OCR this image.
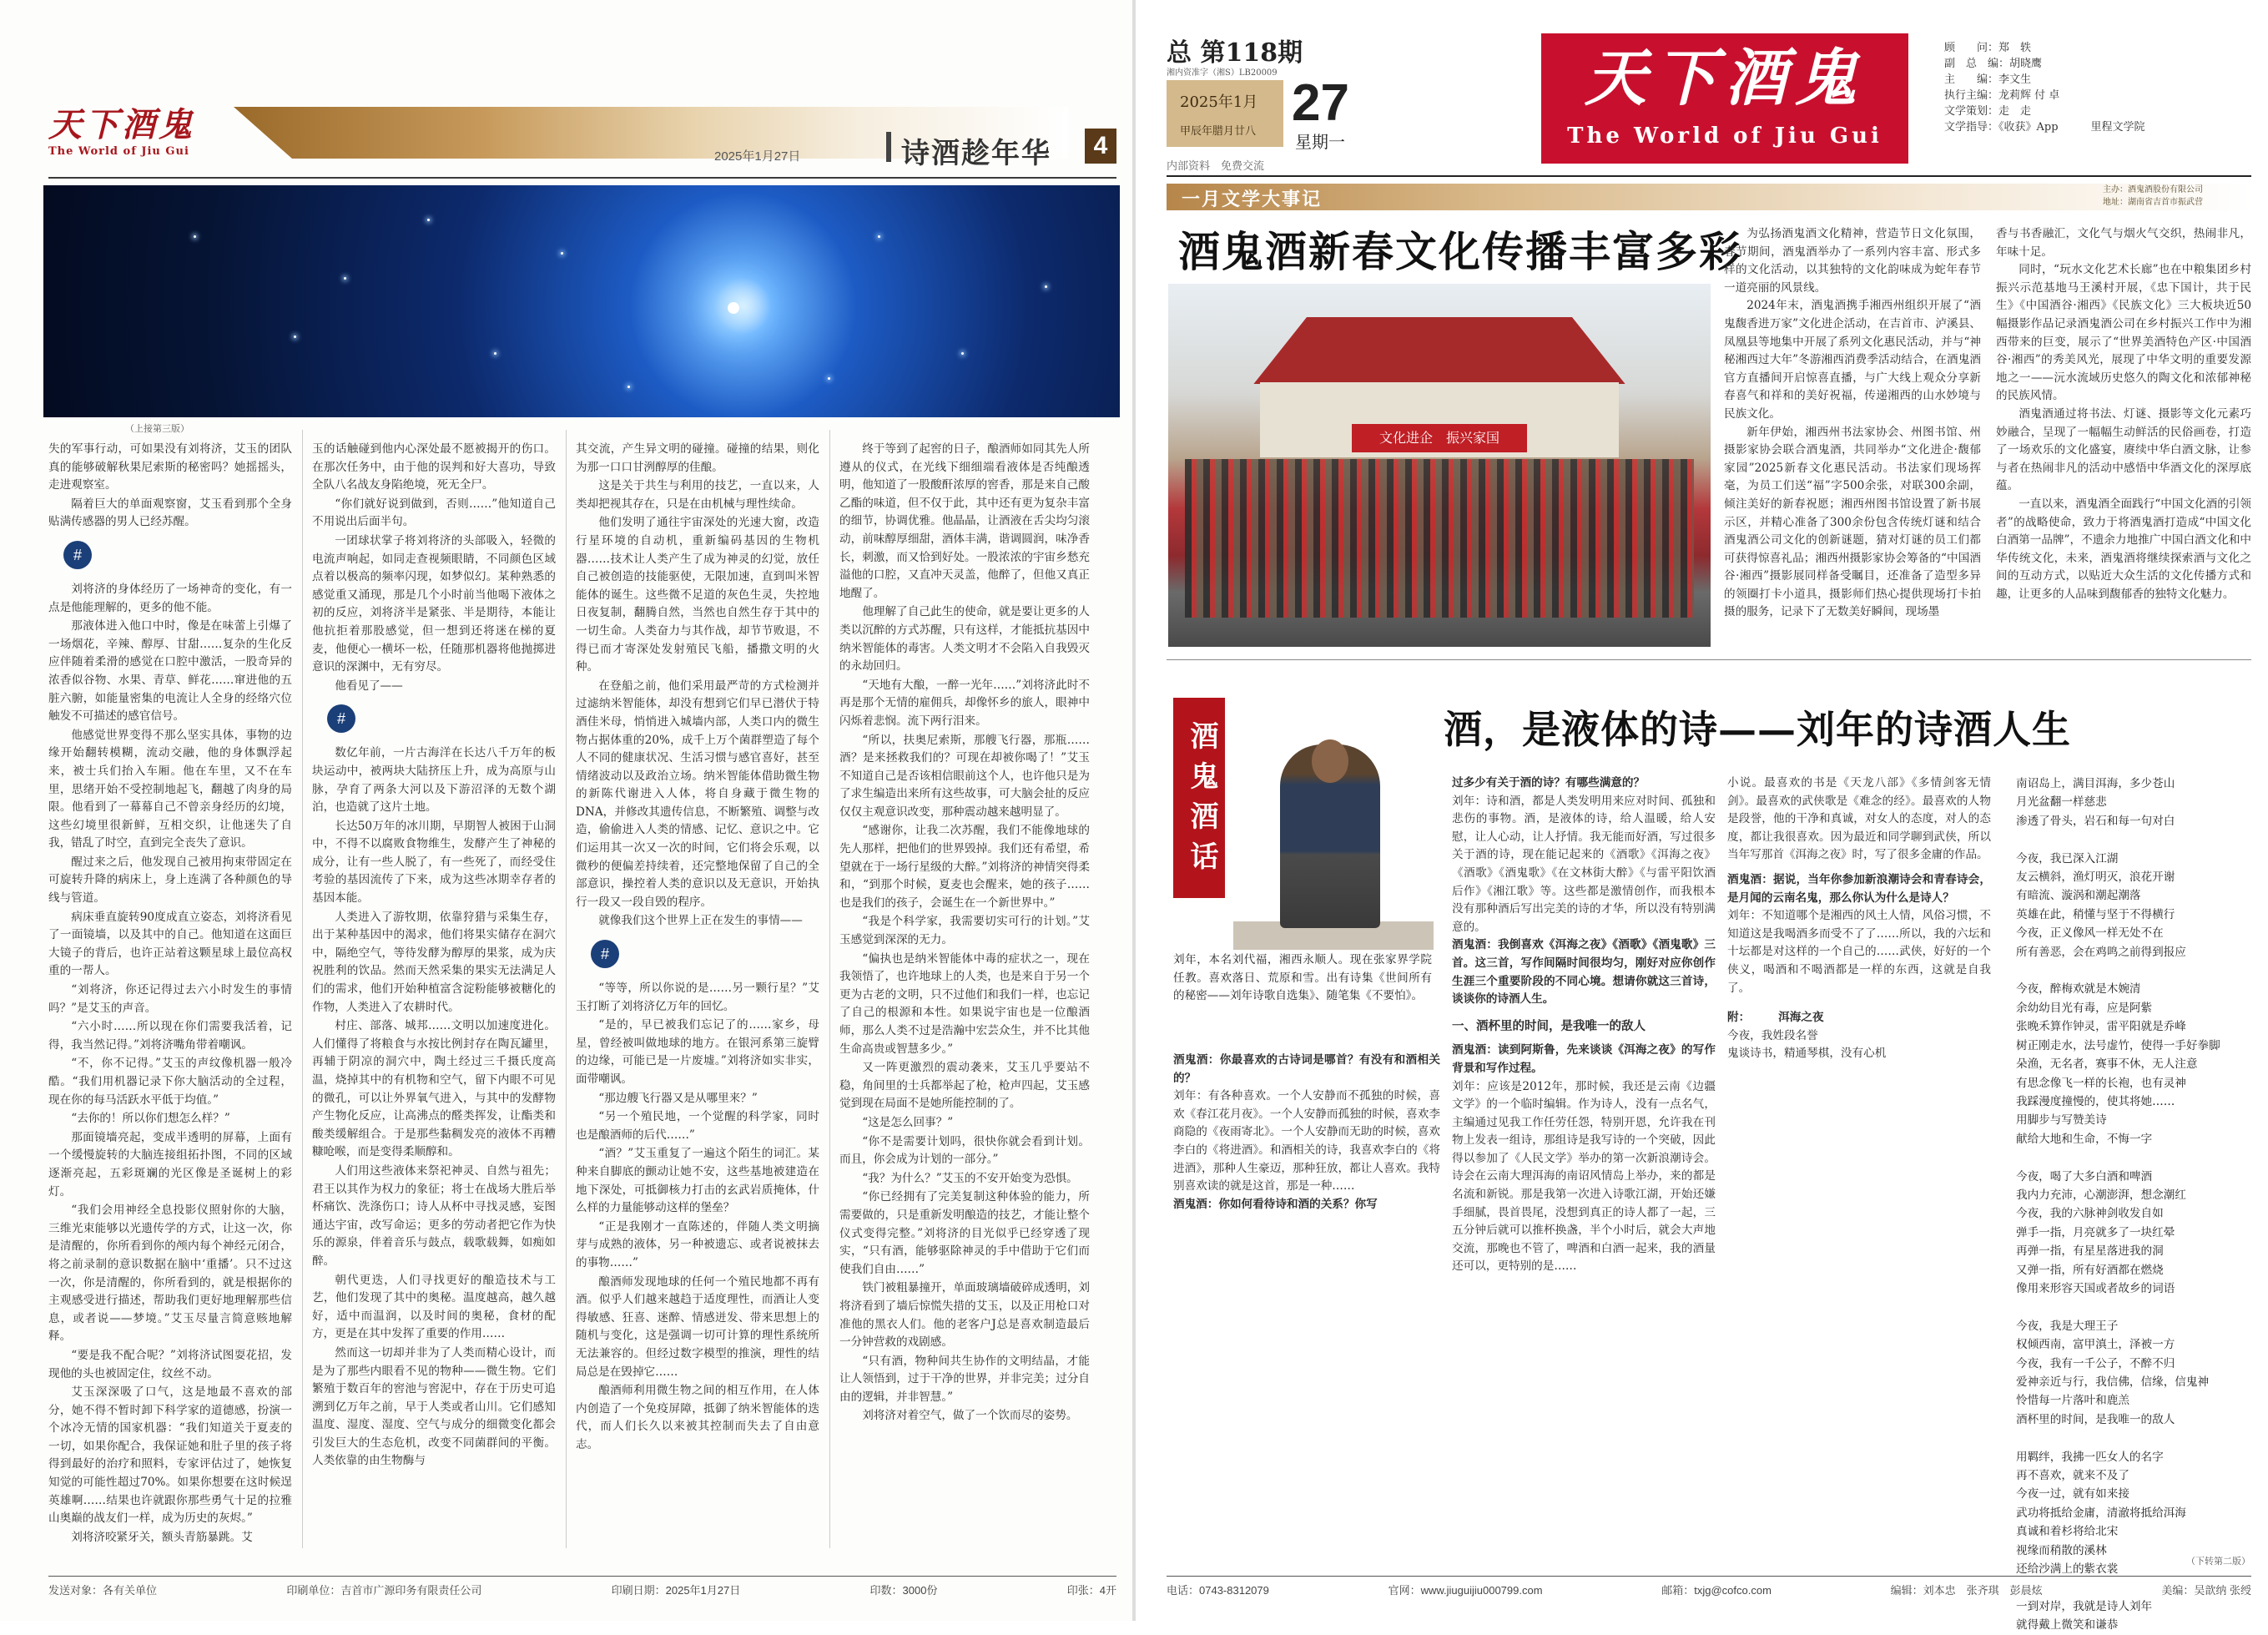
天下酒鬼
The World of Jiu Gui	2025年1月27日	诗酒趁年华	4
（上接第三版）

失的军事行动，可如果没有刘将济，艾玉的团队真的能够破解秋果尼索斯的秘密吗？她摇摇头，走进观察室。

隔着巨大的单面观察窗，艾玉看到那个全身贴满传感器的男人已经苏醒。

#

刘将济的身体经历了一场神奇的变化，有一点是他能理解的，更多的他不能。

那液体进入他口中时，像是在味蕾上引爆了一场烟花，辛辣、醇厚、甘甜……复杂的生化反应伴随着柔滑的感觉在口腔中激活，一股奇异的浓香似谷物、水果、青草、鲜花……窜进他的五脏六腑，如能量密集的电流让人全身的经络穴位触发不可描述的感官信号。

他感觉世界变得不那么坚实具体，事物的边缘开始翻转模糊，流动交融，他的身体飘浮起来，被士兵们抬入车厢。他在车里，又不在车里，思绪开始不受控制地起飞，翻越了肉身的局限。他看到了一幕幕自己不曾亲身经历的幻境，这些幻境里很新鲜，互相交织，让他迷失了自我，错乱了时空，直到完全丧失了意识。

醒过来之后，他发现自己被用拘束带固定在可旋转升降的病床上，身上连满了各种颜色的导线与管道。

病床垂直旋转90度成直立姿态，刘将济看见了一面镜墙，以及其中的自己。他知道在这面巨大镜子的背后，也许正站着这颗星球上最位高权重的一帮人。

“刘将济，你还记得过去六小时发生的事情吗？”是艾玉的声音。

“六小时……所以现在你们需要我活着，记得，我当然记得。”刘将济嘴角带着嘲讽。

“不，你不记得。”艾玉的声纹像机器一般冷酷。“我们用机器记录下你大脑活动的全过程，现在你的每马活跃水平低于均值。”

“去你的！所以你们想怎么样？”

那面镜墙亮起，变成半透明的屏幕，上面有一个缓慢旋转的大脑连接组拓扑图，不同的区域逐渐亮起，五彩斑斓的光区像是圣诞树上的彩灯。

“我们会用神经全息投影仪照射你的大脑，三维光束能够以光遗传学的方式，让这一次，你是清醒的，你所看到你的颅内每个神经元闭合，将之前录制的意识数据在脑中‘重播’。只不过这一次，你是清醒的，你所看到的，就是根据你的主观感受进行描述，帮助我们更好地理解那些信息，或者说——梦境。”艾玉尽量言简意赅地解释。

“要是我不配合呢？”刘将济试图耍花招，发现他的头也被固定住，纹丝不动。

艾玉深深吸了口气，这是地最不喜欢的部分，她不得不暂时卸下科学家的道德感，扮演一个冰冷无情的国家机器：“我们知道关于夏麦的一切，如果你配合，我保证她和肚子里的孩子将得到最好的治疗和照料，专家评估过了，她恢复知觉的可能性超过70%。如果你想要在这时候逞英雄啊……结果也许就跟你那些勇气十足的拉雅山奥巅的战友们一样，成为历史的灰烬。”

刘将济咬紧牙关，额头青筋暴跳。艾

玉的话触碰到他内心深处最不愿被揭开的伤口。在那次任务中，由于他的误判和好大喜功，导致全队八名战友身陷绝境，死无全尸。

“你们就好说到做到，否则……”他知道自己不用说出后面半句。

一团球状掌子将刘将济的头部吸入，轻微的电流声响起，如同走查视频眼睛，不同颜色区域点着以极高的频率闪现，如梦似幻。某种熟悉的感觉重又涌现，那是几个小时前当他喝下液体之初的反应，刘将济半是紧张、半是期待，本能让他抗拒着那股感觉，但一想到还将迷在梯的夏麦，他便心一横坏一松，任随那机器将他抛掷进意识的深渊中，无有穷尽。

他看见了——

#

数亿年前，一片古海洋在长达八千万年的板块运动中，被两块大陆挤压上升，成为高原与山脉，孕育了两条大河以及下游沼泽的无数个湖泊，也造就了这片土地。

长达50万年的冰川期，早期智人被困于山洞中，不得不以腐败食物维生，发酵产生了神秘的成分，让有一些人脱了，有一些死了，而经受住考验的基因流传了下来，成为这些冰期幸存者的基因本能。

人类进入了游牧期，依靠狩猎与采集生存，出于某种基因中的渴求，他们将果实储存在洞穴中，隔绝空气，等待发酵为醇厚的果浆，成为庆祝胜利的饮品。然而天然采集的果实无法满足人们的需求，他们开始种植富含淀粉能够被糖化的作物，人类进入了农耕时代。

村庄、部落、城邦……文明以加速度进化。人们懂得了将粮食与水按比例封存在陶瓦罐里，再辅于阴凉的洞穴中，陶土经过三千摄氏度高温，烧掉其中的有机物和空气，留下内眼不可见的微孔，可以让外界氧气进入，与其中的发酵物产生物化反应，让高沸点的醛类挥发，让酯类和酸类缓解组合。于是那些黏稠发亮的液体不再糟糠呛喉，而是变得柔顺醇和。

人们用这些液体来祭祀神灵、自然与祖先；君王以其作为权力的象征；将士在战场大胜后举杯痛饮、洗涤伤口；诗人从杯中寻找灵感，妄图通达宇宙，改写命运；更多的劳动者把它作为快乐的源泉，伴着音乐与鼓点，载歌载舞，如痴如醉。

朝代更迭，人们寻找更好的酿造技术与工艺，他们发现了其中的奥秘。温度越高，越久越好，适中而温润，以及时间的奥秘，食材的配方，更是在其中发挥了重要的作用……

然而这一切却并非为了人类而精心设计，而是为了那些内眼看不见的物种——微生物。它们繁殖于数百年的窖池与窖泥中，存在于历史可追溯到亿万年之前，早于人类或者山川。它们感知温度、湿度、湿度、空气与成分的细微变化都会引发巨大的生态危机，改变不同菌群间的平衡。人类依靠的由生物酶与

其交流，产生异文明的碰撞。碰撞的结果，则化为那一口口甘洌醇厚的佳酿。

这是关于共生与利用的技艺，一直以来，人类却把视其存在，只是在由机械与理性续命。

他们发明了通往宇宙深处的光速大窗，改造行星环境的自动机，重新编码基因的生物机器……技术让人类产生了成为神灵的幻觉，放任自己被创造的技能驱使，无限加速，直到叫米智能体的诞生。这些微不足道的灰色生灵，失控地日夜复制，翻腾自然，当然也自然生存于其中的一切生命。人类奋力与其作战，却节节败退，不得已而才寄深处发射殖民飞船，播撒文明的火种。

在登船之前，他们采用最严苛的方式检测并过滤纳米智能体，却没有想到它们早已潜伏于特酒佳米母，悄悄进入城墙内部，人类口内的微生物占据体重的20%，成千上万个菌群塑造了每个人不同的健康状况、生活习惯与感官喜好，甚至情绪波动以及政治立场。纳米智能体借助微生物的新陈代谢进入人体，将自身藏于微生物的DNA，并修改其遗传信息，不断繁殖、调整与改造，偷偷进入人类的情感、记忆、意识之中。它们运用其一次又一次的时间，它们将会乐观，以微秒的便偏差持续着，还完整地保留了自己的全部意识，操控着人类的意识以及无意识，开始执行一段又一段自毁的程序。

就像我们这个世界上正在发生的事情——

#

“等等，所以你说的是……另一颗行星？”艾玉打断了刘将济亿万年的回忆。

“是的，早已被我们忘记了的……家乡，母星，曾经被叫做地球的地方。在银河系第三旋臂的边缘，可能已是一片废墟。”刘将济如实非实，面带嘲讽。

“那边艘飞行器又是从哪里来？”

“另一个殖民地，一个觉醒的科学家，同时也是酿酒师的后代……”

“酒？”艾玉重复了一遍这个陌生的词汇。某种来自脚底的颤动让她不安，这些基地被建造在地下深处，可抵御核力打击的玄武岩质掩体，什么样的力量能够动这样的堡垒？

“正是我刚才一直陈述的，伴随人类文明摘芽与成熟的液体，另一种被遗忘、或者说被抹去的事物……”

酿酒师发现地球的任何一个殖民地都不再有酒。似乎人们越来越趋于适度理性，而酒让人变得敏感、狂喜、迷醉、情感迸发、带来思想上的随机与变化，这是强调一切可计算的理性系统所无法兼容的。但经过数字模型的推演，理性的结局总是在毁掉它……

酿酒师利用微生物之间的相互作用，在人体内创造了一个免疫屏障，抵御了纳米智能体的迭代，而人们长久以来被其控制而失去了自由意志。

终于等到了起窖的日子，酿酒师如同其先人所遵从的仪式，在光线下细细端看液体是否纯酿透明，他知道了一股酸酐浓厚的窖香，那是来自己酸乙酯的味道，但不仅于此，其中还有更为复杂丰富的细节，协调优雅。他晶晶，让酒液在舌尖均匀滚动，前味醇厚细甜，酒体丰满，谐调圆润，味净香长，刺激，而又恰到好处。一股浓浓的宇宙乡愁充溢他的口腔，又直冲天灵盖，他醉了，但他又真正地醒了。

他理解了自己此生的使命，就是要让更多的人类以沉醉的方式苏醒，只有这样，才能抵抗基因中纳米智能体的毒害。人类文明才不会陷入自我毁灭的永劫回归。

“天地有大酿，一醉一光年……”刘将济此时不再是那个无情的雇佣兵，却像怀乡的旅人，眼神中闪烁着悲悯。流下两行泪来。

“所以，扶奥尼索斯，那艘飞行器，那瓶……酒？是来拯救我们的？可现在却被你喝了！”艾玉不知道自己是否该相信眼前这个人，也许他只是为了求生编造出来所有这些故事，可大脑会扯的反应仅仅主观意识改变，那种震动越来越明显了。

“感谢你，让我二次苏醒，我们不能像地球的先人那样，把他们的世界毁掉。我们还有希望，希望就在于一场行星级的大醉。”刘将济的神情突得柔和，“到那个时候，夏麦也会醒来，她的孩子……也是我们的孩子，会诞生在一个新世界中。”

“我是个科学家，我需要切实可行的计划。”艾玉感觉到深深的无力。

“偏执也是纳米智能体中毒的症状之一，现在我领悟了，也许地球上的人类，也是来自于另一个更为古老的文明，只不过他们和我们一样，也忘记了自己的根源和本性。如果说宇宙也是一位酿酒师，那么人类不过是浩瀚中宏芸众生，并不比其他生命高贵或智慧多少。”

又一阵更激烈的震动袭来，艾玉几乎要站不稳，角间里的士兵都举起了枪，枪声四起，艾玉感觉到现在局面不是她所能控制的了。

“这是怎么回事？”

“你不是需要计划吗，很快你就会看到计划。而且，你会成为计划的一部分。”

“我？为什么？”艾玉的不安开始变为恐惧。

“你已经拥有了完美复制这种体验的能力，所需要做的，只是重新发明酿造的技艺，才能让整个仪式变得完整。”刘将济的目光似乎已经穿透了现实，“只有酒，能够驱除神灵的手中借助于它们而使我们自由……”

铁门被粗暴撞开，单面玻璃墙破碎成透明，刘将济看到了墙后惊慌失措的艾玉，以及正用枪口对准他的黑衣人们。他的老客户J总是喜欢制造最后一分钟营救的戏剧感。

“只有酒，物种间共生协作的文明结晶，才能让人领悟到，过于干净的世界，并非完美；过分自由的逻辑，并非智慧。”

刘将济对着空气，做了一个饮而尽的姿势。

发送对象：各有关单位	印刷单位：吉首市广源印务有限责任公司	印刷日期：2025年1月27日	印数：3000份	印张：4开
总 第118期
湘内资准字（湘S）LB20009
2025年1月
甲辰年腊月廿八 27
星期一
内部资料　免费交流
天下酒鬼
The World of Jiu Gui
顾　　问：郑　轶
副　总　编：胡晓鹰
主　　编：李文生
执行主编：龙莉辉 付 卓
文学策划：走　走
文学指导：《收获》App　　　里程文学院
一月文学大事记	主办：酒鬼酒股份有限公司
地址：湖南省吉首市振武营
酒鬼酒新春文化传播丰富多彩
文化进企　振兴家国

为弘扬酒鬼酒文化精神，营造节日文化氛围，春节期间，酒鬼酒举办了一系列内容丰富、形式多样的文化活动，以其独特的文化韵味成为蛇年春节一道亮丽的风景线。

2024年末，酒鬼酒携手湘西州组织开展了“酒鬼馥香进万家”文化进企活动，在吉首市、泸溪县、凤凰县等地集中开展了系列文化惠民活动，并与“神秘湘西过大年”冬游湘西消费季活动结合，在酒鬼酒官方直播间开启惊喜直播，与广大线上观众分享新春喜气和祥和的美好祝福，传递湘西的山水妙境与民族文化。

新年伊始，湘西州书法家协会、州图书馆、州摄影家协会联合酒鬼酒，共同举办“文化进企·馥郁家园”2025新春文化惠民活动。书法家们现场挥毫，为员工们送“福”字500余张，对联300余副，倾注美好的新春祝愿；湘西州图书馆设置了新书展示区，并精心准备了300余份包含传统灯谜和结合酒鬼酒公司文化的创新谜题，猜对灯谜的员工们都可获得惊喜礼品；湘西州摄影家协会筹备的“中国酒谷·湘西”摄影展同样备受瞩目，还准备了造型多异的领圈打卡小道具，摄影师们热心提供现场打卡拍摄的服务，记录下了无数美好瞬间，现场墨

香与书香融汇，文化气与烟火气交织，热闹非凡，年味十足。

同时，“玩水文化艺术长廊”也在中粮集团乡村振兴示范基地马王溪村开展，《忠下国计，共于民生》《中国酒谷·湘西》《民族文化》三大板块近50幅摄影作品记录酒鬼酒公司在乡村振兴工作中为湘西带来的巨变，展示了“世界美酒特色产区·中国酒谷·湘西”的秀美风光，展现了中华文明的重要发源地之一——沅水流域历史悠久的陶文化和浓郁神秘的民族风情。

酒鬼酒通过将书法、灯谜、摄影等文化元素巧妙融合，呈现了一幅幅生动鲜活的民俗画卷，打造了一场欢乐的文化盛宴，赓续中华白酒文脉，让参与者在热闹非凡的活动中感悟中华酒文化的深厚底蕴。

一直以来，酒鬼酒全面践行“中国文化酒的引领者”的战略使命，致力于将酒鬼酒打造成“中国文化白酒第一品牌”，不遗余力地推广中国白酒文化和中华传统文化，未来，酒鬼酒将继续探索酒与文化之间的互动方式，以贴近大众生活的文化传播方式和趣，让更多的人品味到馥郁香的独特文化魅力。

酒鬼酒话	酒，是液体的诗——刘年的诗酒人生
刘年，本名刘代福，湘西永顺人。现在张家界学院任教。喜欢落日、荒原和雪。出有诗集《世间所有的秘密——刘年诗歌自选集》、随笔集《不要怕》。

过多少有关于酒的诗？有哪些满意的？

刘年：诗和酒，都是人类发明用来应对时间、孤独和悲伤的事物。酒，是液体的诗，给人温暖，给人安慰，让人心动，让人抒情。我无能而好酒，写过很多关于酒的诗，现在能记起来的《酒歌》《洱海之夜》《酒歌》《酒鬼歌》《在文林街大醉》《与雷平阳饮酒后作》《湘江歌》等。这些都是激情创作，而我根本没有那种酒后写出完美的诗的才华，所以没有特别满意的。

酒鬼酒：我倒喜欢《洱海之夜》《酒歌》《酒鬼歌》三首。这三首，写作间隔时间很均匀，刚好对应你创作生涯三个重要阶段的不同心境。想请你就这三首诗，谈谈你的诗酒人生。

一、酒杯里的时间，是我唯一的敌人

酒鬼酒：读到阿斯鲁，先来谈谈《洱海之夜》的写作背景和写作过程。

刘年：应该是2012年，那时候，我还是云南《边疆文学》的一个临时编辑。作为诗人，没有一点名气，主编通过见我工作任劳任怨，特别开恩，允许我在刊物上发表一组诗，那组诗是我写诗的一个突破，因此得以参加了《人民文学》举办的第一次新浪潮诗会。诗会在云南大理洱海的南诏风情岛上举办，来的都是名流和新锐。那是我第一次进入诗歌江湖，开始还嫌手细腻，畏首畏尾，没想到真正的诗人都了一起，三五分钟后就可以推杯换盏，半个小时后，就会大声地交流，那晚也不管了，啤酒和白酒一起来，我的酒量还可以，更特别的是……

酒鬼酒：你最喜欢的古诗词是哪首？有没有和酒相关的？

刘年：有各种喜欢。一个人安静而不孤独的时候，喜欢《春江花月夜》。一个人安静而孤独的时候，喜欢李商隐的《夜雨寄北》。一个人安静而无助的时候，喜欢李白的《将进酒》。和酒相关的诗，我喜欢李白的《将进酒》，那种人生豪迈，那种狂放，都让人喜欢。我特别喜欢读的就是这首，那是一种……

酒鬼酒：你如何看待诗和酒的关系？你写

小说。最喜欢的书是《天龙八部》《多情剑客无情剑》。最喜欢的武侠歌是《难念的经》。最喜欢的人物是段誉，他的干净和真诚，对女人的态度，对人的态度，都让我很喜欢。因为最近和同学聊到武侠，所以当年写那首《洱海之夜》时，写了很多金庸的作品。

酒鬼酒：据说，当年你参加新浪潮诗会和青春诗会，是月闻的云南名鬼，那么你认为什么是诗人？

刘年：不知道哪个是湘西的风土人情，风俗习惯，不知道这是我喝酒多而受不了了……所以，我的六坛和十坛都是对这样的一个自己的……武侠，好好的一个侠义，喝酒和不喝酒都是一样的东西，这就是自我了。

附：　　　洱海之夜

今夜，我姓段名誉
鬼谈诗书，精通琴棋，没有心机

南诏岛上，满目洱海，多少苍山
月光盆翻一样慈悲
渗透了骨头，岩石和每一句对白

今夜，我已深入江湖
友云横斜，渔灯明灭，浪花开谢
有暗流、漩涡和潮起潮落
英雄在此，稍懂与坚于不得横行
今夜，正义像风一样无处不在
所有善恶，会在鸡鸣之前得到报应

今夜，醉梅欢就是木婉清
余幼幼目光有毒，应是阿紫
张晚禾算作钟灵，雷平阳就是乔峰
树正刚走水，法号虚竹，使得一手好拳脚
朵渔，无名者，赛事不休，无人注意
有思念像飞一样的长袍，也有灵神
我踩漫度撞慢的，使其将她……
用脚步与写赞美诗
献给大地和生命，不悔一字

今夜，喝了大多白酒和啤酒
我内力充沛，心潮澎湃，想念潮红
今夜，我的六脉神剑收发自如
弹手一指，月亮就多了一块红晕
再弹一指，有星星落进我的洞
又弹一指，所有好酒都在燃烧
像用来形容天国或者故乡的词语

今夜，我是大理王子
权倾西南，富甲滇土，泽被一方
今夜，我有一千公子，不醉不归
爱神亲近与行，我信佛，信缘，信鬼神
怜惜每一片落叶和鹿羔
酒杯里的时间，是我唯一的敌人

用羁绊，我拂一匹女人的名字
再不喜欢，就来不及了
今夜一过，就有如来接
武功将抵给金庸，清澈将抵给洱海
真诚和着杉将给北宋
视缘而稍散的溪林
还给沙满上的紫衣裳

一到对岸，我就是诗人刘年
就得戴上微笑和谦恭
（下转第二版）
电话：0743-8312079	官网：www.jiuguijiu000799.com	邮箱：txjg@cofco.com	编辑：刘本忠　张齐琪　彭晨炫	美编：吴歆纳 张绶
